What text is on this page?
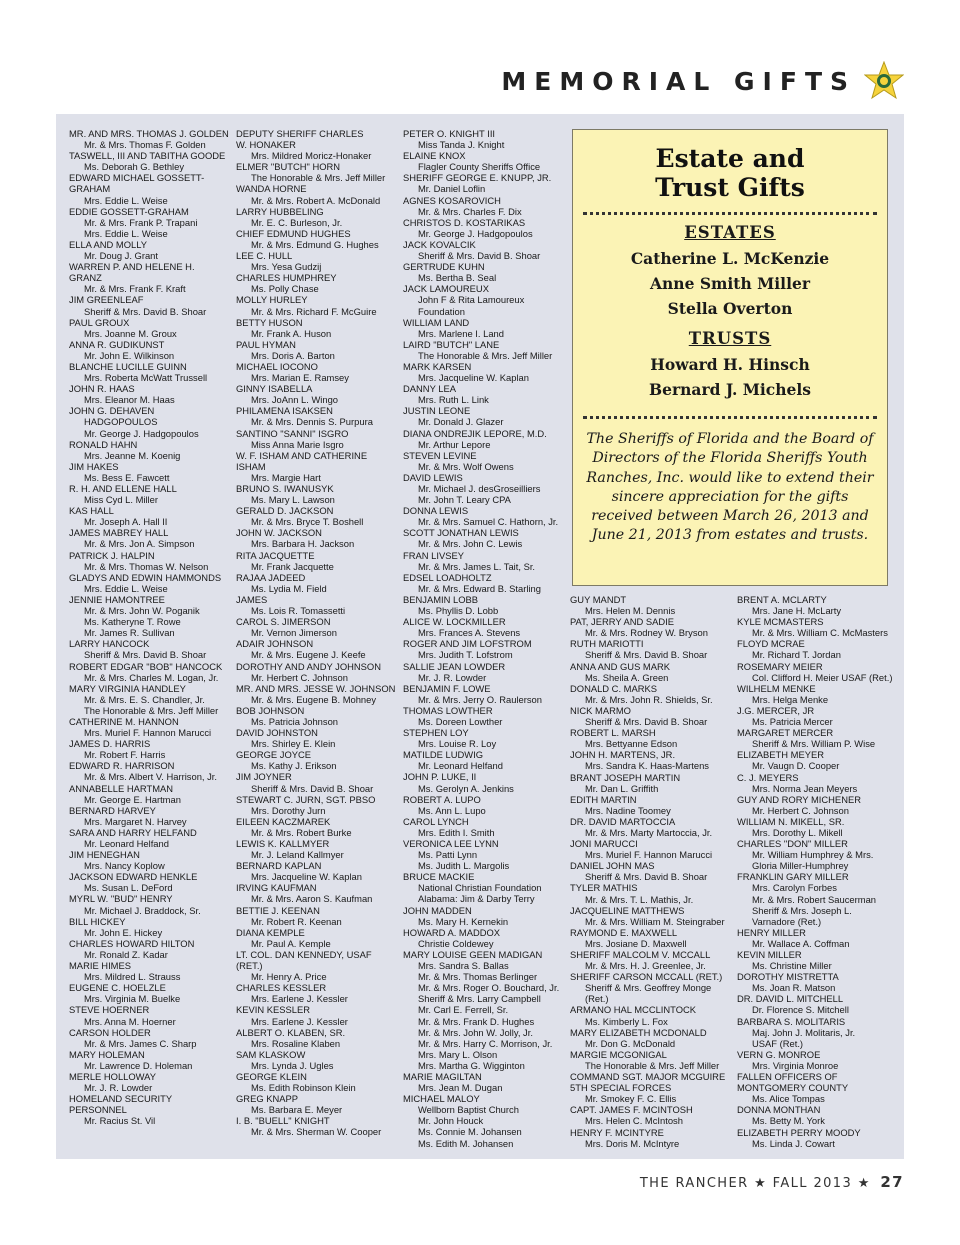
MEMORIAL GIFTS
MR. AND MRS. THOMAS J. GOLDEN
Mr. & Mrs. Thomas F. Golden
TASWELL, III AND TABITHA GOODE
Ms. Deborah G. Bethley
EDWARD MICHAEL GOSSETT-
GRAHAM
Mrs. Eddie L. Weise
EDDIE GOSSETT-GRAHAM
Mr. & Mrs. Frank P. Trapani
Mrs. Eddie L. Weise
ELLA AND MOLLY
Mr. Doug J. Grant
WARREN P. AND HELENE H.
GRANZ
Mr. & Mrs. Frank F. Kraft
JIM GREENLEAF
Sheriff & Mrs. David B. Shoar
PAUL GROUX
Mrs. Joanne M. Groux
ANNA R. GUDIKUNST
Mr. John E. Wilkinson
BLANCHE LUCILLE GUINN
Mrs. Roberta McWatt Trussell
JOHN R. HAAS
Mrs. Eleanor M. Haas
JOHN G. DEHAVEN
HADGOPOULOS
Mr. George J. Hadgopoulos
RONALD HAHN
Mrs. Jeanne M. Koenig
JIM HAKES
Ms. Bess E. Fawcett
R. H. AND ELLENE HALL
Miss Cyd L. Miller
KAS HALL
Mr. Joseph A. Hall II
JAMES MABREY HALL
Mr. & Mrs. Jon A. Simpson
PATRICK J. HALPIN
Mr. & Mrs. Thomas W. Nelson
GLADYS AND EDWIN HAMMONDS
Mrs. Eddie L. Weise
JENNIE HAMONTREE
Mr. & Mrs. John W. Poganik
Ms. Katheryne T. Rowe
Mr. James R. Sullivan
LARRY HANCOCK
Sheriff & Mrs. David B. Shoar
ROBERT EDGAR "BOB" HANCOCK
Mr. & Mrs. Charles M. Logan, Jr.
MARY VIRGINIA HANDLEY
Mr. & Mrs. E. S. Chandler, Jr.
The Honorable & Mrs. Jeff Miller
CATHERINE M. HANNON
Mrs. Muriel F. Hannon Marucci
JAMES D. HARRIS
Mr. Robert F. Harris
EDWARD R. HARRISON
Mr. & Mrs. Albert V. Harrison, Jr.
ANNABELLE HARTMAN
Mr. George E. Hartman
BERNARD HARVEY
Mrs. Margaret N. Harvey
SARA AND HARRY HELFAND
Mr. Leonard Helfand
JIM HENEGHAN
Mrs. Nancy Koplow
JACKSON EDWARD HENKLE
Ms. Susan L. DeFord
MYRL W. "BUD" HENRY
Mr. Michael J. Braddock, Sr.
BILL HICKEY
Mr. John E. Hickey
CHARLES HOWARD HILTON
Mr. Ronald Z. Kadar
MARIE HIMES
Mrs. Mildred L. Strauss
EUGENE C. HOELZLE
Mrs. Virginia M. Buelke
STEVE HOERNER
Mrs. Anna M. Hoerner
CARSON HOLDER
Mr. & Mrs. James C. Sharp
MARY HOLEMAN
Mr. Lawrence D. Holeman
MERLE HOLLOWAY
Mr. J. R. Lowder
HOMELAND SECURITY
PERSONNEL
Mr. Racius St. Vil
DEPUTY SHERIFF CHARLES
W. HONAKER
Mrs. Mildred Moricz-Honaker
ELMER "BUTCH" HORN
The Honorable & Mrs. Jeff Miller
WANDA HORNE
Mr. & Mrs. Robert A. McDonald
LARRY HUBBELING
Mr. E. C. Burleson, Jr.
CHIEF EDMUND HUGHES
Mr. & Mrs. Edmund G. Hughes
LEE C. HULL
Mrs. Yesa Gudzij
CHARLES HUMPHREY
Ms. Polly Chase
MOLLY HURLEY
Mr. & Mrs. Richard F. McGuire
BETTY HUSON
Mr. Frank A. Huson
PAUL HYMAN
Mrs. Doris A. Barton
MICHAEL IOCONO
Mrs. Marian E. Ramsey
GINNY ISABELLA
Mrs. JoAnn L. Wingo
PHILAMENA ISAKSEN
Mr. & Mrs. Dennis S. Purpura
SANTINO "SANNI" ISGRO
Miss Anna Marie Isgro
W. F. ISHAM AND CATHERINE
ISHAM
Mrs. Margie Hart
BRUNO S. IWANUSYK
Ms. Mary L. Lawson
GERALD D. JACKSON
Mr. & Mrs. Bryce T. Boshell
JOHN W. JACKSON
Mrs. Barbara H. Jackson
RITA JACQUETTE
Mr. Frank Jacquette
RAJAA JADEED
Ms. Lydia M. Field
JAMES
Ms. Lois R. Tomassetti
CAROL S. JIMERSON
Mr. Vernon Jimerson
ADAIR JOHNSON
Mr. & Mrs. Eugene J. Keefe
DOROTHY AND ANDY JOHNSON
Mr. Herbert C. Johnson
MR. AND MRS. JESSE W. JOHNSON
Mr. & Mrs. Eugene B. Mohney
BOB JOHNSON
Ms. Patricia Johnson
DAVID JOHNSTON
Mrs. Shirley E. Klein
GEORGE JOYCE
Ms. Kathy J. Erikson
JIM JOYNER
Sheriff & Mrs. David B. Shoar
STEWART C. JURN, SGT. PBSO
Mrs. Dorothy Jurn
EILEEN KACZMAREK
Mr. & Mrs. Robert Burke
LEWIS K. KALLMYER
Mr. J. Leland Kallmyer
BERNARD KAPLAN
Mrs. Jacqueline W. Kaplan
IRVING KAUFMAN
Mr. & Mrs. Aaron S. Kaufman
BETTIE J. KEENAN
Mr. Robert R. Keenan
DIANA KEMPLE
Mr. Paul A. Kemple
LT. COL. DAN KENNEDY, USAF
(RET.)
Mr. Henry A. Price
CHARLES KESSLER
Mrs. Earlene J. Kessler
KEVIN KESSLER
Mrs. Earlene J. Kessler
ALBERT O. KLABEN, SR.
Mrs. Rosaline Klaben
SAM KLASKOW
Mrs. Lynda J. Ugles
GEORGE KLEIN
Ms. Edith Robinson Klein
GREG KNAPP
Ms. Barbara E. Meyer
I. B. "BUELL" KNIGHT
Mr. & Mrs. Sherman W. Cooper
PETER O. KNIGHT III
Miss Tanda J. Knight
ELAINE KNOX
Flagler County Sheriffs Office
SHERIFF GEORGE E. KNUPP, JR.
Mr. Daniel Loflin
AGNES KOSAROVICH
Mr. & Mrs. Charles F. Dix
CHRISTOS D. KOSTARIKAS
Mr. George J. Hadgopoulos
JACK KOVALCIK
Sheriff & Mrs. David B. Shoar
GERTRUDE KUHN
Ms. Bertha B. Seal
JACK LAMOUREUX
John F & Rita Lamoureux
Foundation
WILLIAM LAND
Mrs. Marlene I. Land
LAIRD "BUTCH" LANE
The Honorable & Mrs. Jeff Miller
MARK KARSEN
Mrs. Jacqueline W. Kaplan
DANNY LEA
Mrs. Ruth L. Link
JUSTIN LEONE
Mr. Donald J. Glazer
DIANA ONDREJIK LEPORE, M.D.
Mr. Arthur Lepore
STEVEN LEVINE
Mr. & Mrs. Wolf Owens
DAVID LEWIS
Mr. Michael J. desGroseilliers
Mr. John T. Leary CPA
DONNA LEWIS
Mr. & Mrs. Samuel C. Hathorn, Jr.
SCOTT JONATHAN LEWIS
Mr. & Mrs. John C. Lewis
FRAN LIVSEY
Mr. & Mrs. James L. Tait, Sr.
EDSEL LOADHOLTZ
Mr. & Mrs. Edward B. Starling
BENJAMIN LOBB
Ms. Phyllis D. Lobb
ALICE W. LOCKMILLER
Mrs. Frances A. Stevens
ROGER AND JIM LOFSTROM
Mrs. Judith T. Lofstrom
SALLIE JEAN LOWDER
Mr. J. R. Lowder
BENJAMIN F. LOWE
Mr. & Mrs. Jerry O. Raulerson
THOMAS LOWTHER
Ms. Doreen Lowther
STEPHEN LOY
Mrs. Louise R. Loy
MATILDE LUDWIG
Mr. Leonard Helfand
JOHN P. LUKE, II
Ms. Gerolyn A. Jenkins
ROBERT A. LUPO
Ms. Ann L. Lupo
CAROL LYNCH
Mrs. Edith I. Smith
VERONICA LEE LYNN
Ms. Patti Lynn
Ms. Judith L. Margolis
BRUCE MACKIE
National Christian Foundation
Alabama: Jim & Darby Terry
JOHN MADDEN
Ms. Mary H. Kernekin
HOWARD A. MADDOX
Christie Coldewey
MARY LOUISE GEEN MADIGAN
Mrs. Sandra S. Ballas
Mr. & Mrs. Thomas Berlinger
Mr. & Mrs. Roger O. Bouchard, Jr.
Sheriff & Mrs. Larry Campbell
Mr. Carl E. Ferrell, Sr.
Mr. & Mrs. Frank D. Hughes
Mr. & Mrs. John W. Jolly, Jr.
Mr. & Mrs. Harry C. Morrison, Jr.
Mrs. Mary L. Olson
Mrs. Martha G. Wigginton
MARIE MAGILTAN
Mrs. Jean M. Dugan
MICHAEL MALOY
Wellborn Baptist Church
Mr. John Houck
Ms. Connie M. Johansen
Ms. Edith M. Johansen
GUY MANDT
Mrs. Helen M. Dennis
PAT, JERRY AND SADIE
Mr. & Mrs. Rodney W. Bryson
RUTH MARIOTTI
Sheriff & Mrs. David B. Shoar
ANNA AND GUS MARK
Ms. Sheila A. Green
DONALD C. MARKS
Mr. & Mrs. John R. Shields, Sr.
NICK MARMO
Sheriff & Mrs. David B. Shoar
ROBERT L. MARSH
Mrs. Bettyanne Edson
JOHN H. MARTENS, JR.
Mrs. Sandra K. Haas-Martens
BRANT JOSEPH MARTIN
Mr. Dan L. Griffith
EDITH MARTIN
Mrs. Nadine Toomey
DR. DAVID MARTOCCIA
Mr. & Mrs. Marty Martoccia, Jr.
JONI MARUCCI
Mrs. Muriel F. Hannon Marucci
DANIEL JOHN MAS
Sheriff & Mrs. David B. Shoar
TYLER MATHIS
Mr. & Mrs. T. L. Mathis, Jr.
JACQUELINE MATTHEWS
Mr. & Mrs. William M. Steingraber
RAYMOND E. MAXWELL
Mrs. Josiane D. Maxwell
SHERIFF MALCOLM V. MCCALL
Mr. & Mrs. H. J. Greenlee, Jr.
SHERIFF CARSON MCCALL (RET.)
Sheriff & Mrs. Geoffrey Monge
(Ret.)
ARMANO HAL MCCLINTOCK
Ms. Kimberly L. Fox
MARY ELIZABETH MCDONALD
Mr. Don G. McDonald
MARGIE MCGONIGAL
The Honorable & Mrs. Jeff Miller
COMMAND SGT. MAJOR MCGUIRE
5TH SPECIAL FORCES
Mr. Smokey F. C. Ellis
CAPT. JAMES F. MCINTOSH
Mrs. Helen C. McIntosh
HENRY F. MCINTYRE
Mrs. Doris M. McIntyre
BRENT A. MCLARTY
Mrs. Jane H. McLarty
KYLE MCMASTERS
Mr. & Mrs. William C. McMasters
FLOYD MCRAE
Mr. Richard T. Jordan
ROSEMARY MEIER
Col. Clifford H. Meier USAF (Ret.)
WILHELM MENKE
Mrs. Helga Menke
J.G. MERCER, JR
Ms. Patricia Mercer
MARGARET MERCER
Sheriff & Mrs. William P. Wise
ELIZABETH MEYER
Mr. Vaugn D. Cooper
C. J. MEYERS
Mrs. Norma Jean Meyers
GUY AND RORY MICHENER
Mr. Herbert C. Johnson
WILLIAM N. MIKELL, SR.
Mrs. Dorothy L. Mikell
CHARLES "DON" MILLER
Mr. William Humphrey & Mrs.
Gloria Miller-Humphrey
FRANKLIN GARY MILLER
Mrs. Carolyn Forbes
Mr. & Mrs. Robert Saucerman
Sheriff & Mrs. Joseph L.
Varnadore (Ret.)
HENRY MILLER
Mr. Wallace A. Coffman
KEVIN MILLER
Ms. Christine Miller
DOROTHY MISTRETTA
Ms. Joan R. Matson
DR. DAVID L. MITCHELL
Dr. Florence S. Mitchell
BARBARA S. MOLITARIS
Maj. John J. Molitaris, Jr.
USAF (Ret.)
VERN G. MONROE
Mrs. Virginia Monroe
FALLEN OFFICERS OF
MONTGOMERY COUNTY
Ms. Alice Tompas
DONNA MONTHAN
Ms. Betty M. York
ELIZABETH PERRY MOODY
Ms. Linda J. Cowart
Estate and
Trust Gifts
ESTATES
Catherine L. McKenzie
Anne Smith Miller
Stella Overton
TRUSTS
Howard H. Hinsch
Bernard J. Michels
The Sheriffs of Florida and the Board of Directors of the Florida Sheriffs Youth Ranches, Inc. would like to extend their sincere appreciation for the gifts received between March 26, 2013 and June 21, 2013 from estates and trusts.
THE RANCHER ★ FALL 2013 ★ 27
